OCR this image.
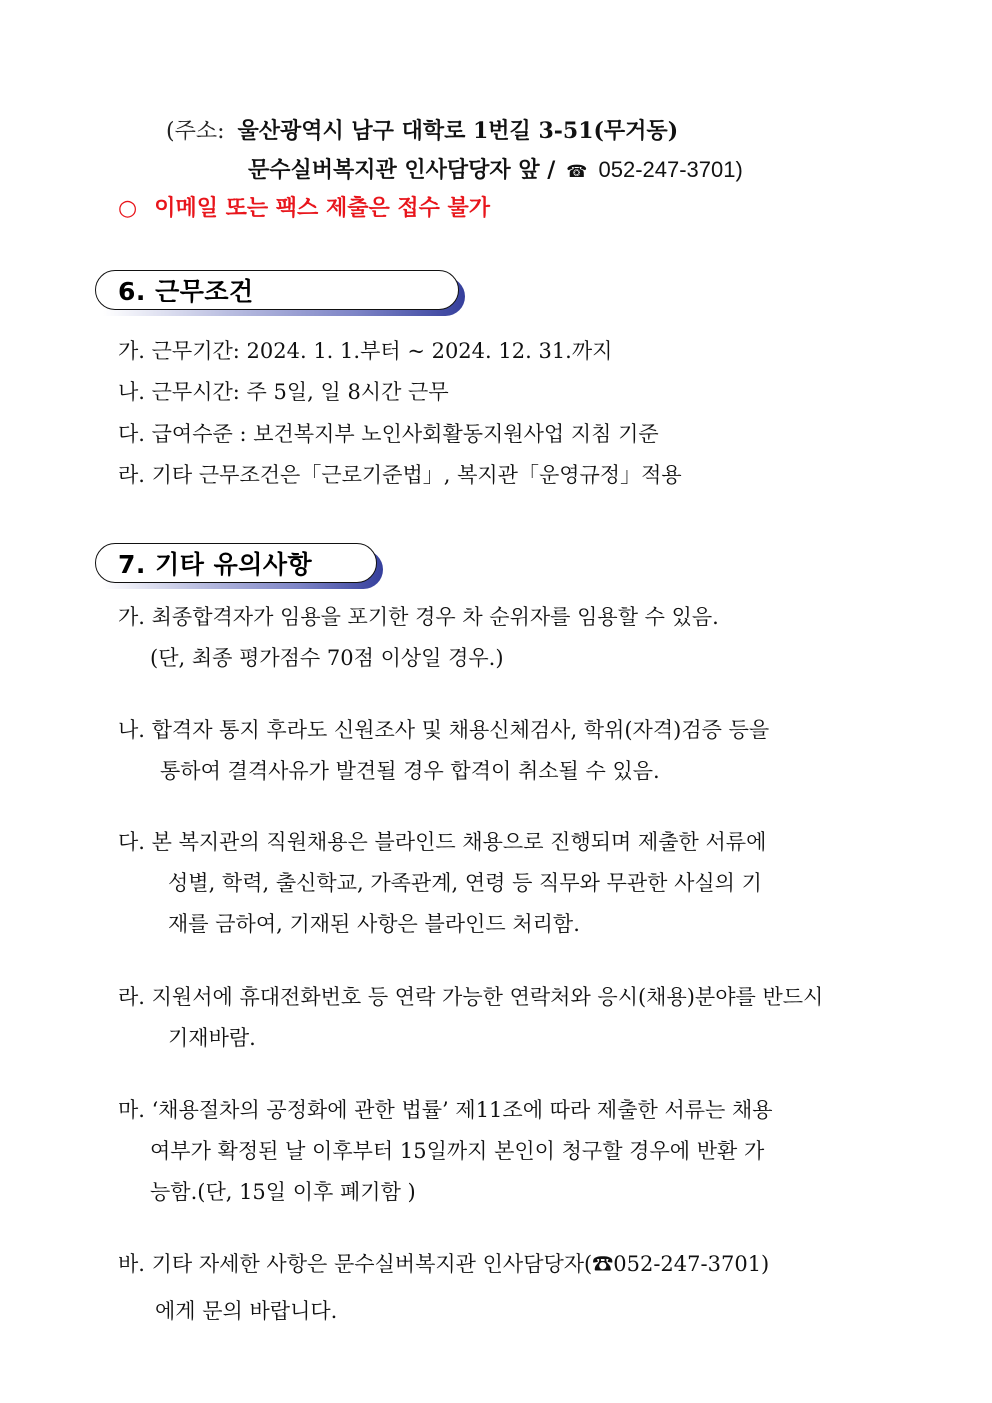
(주소: 울산광역시 남구 대학로 1번길 3-51(무거동)
문수실버복지관 인사담당자 앞 / ☎ 052-247-3701)
○ 이메일 또는 팩스 제출은 접수 불가
6. 근무조건
가. 근무기간: 2024. 1. 1.부터 ~ 2024. 12. 31.까지
나. 근무시간: 주 5일, 일 8시간 근무
다. 급여수준 : 보건복지부 노인사회활동지원사업 지침 기준
라. 기타 근무조건은「근로기준법」, 복지관「운영규정」적용
7. 기타 유의사항
가. 최종합격자가 임용을 포기한 경우 차 순위자를 임용할 수 있음.
(단, 최종 평가점수 70점 이상일 경우.)
나. 합격자 통지 후라도 신원조사 및 채용신체검사, 학위(자격)검증 등을
통하여 결격사유가 발견될 경우 합격이 취소될 수 있음.
다. 본 복지관의 직원채용은 블라인드 채용으로 진행되며 제출한 서류에
성별, 학력, 출신학교, 가족관계, 연령 등 직무와 무관한 사실의 기
재를 금하여, 기재된 사항은 블라인드 처리함.
라. 지원서에 휴대전화번호 등 연락 가능한 연락처와 응시(채용)분야를 반드시
기재바람.
마. ‘채용절차의 공정화에 관한 법률’ 제11조에 따라 제출한 서류는 채용
여부가 확정된 날 이후부터 15일까지 본인이 청구할 경우에 반환 가
능함.(단, 15일 이후 폐기함 )
바. 기타 자세한 사항은 문수실버복지관 인사담당자(☎052-247-3701)
에게 문의 바랍니다.
